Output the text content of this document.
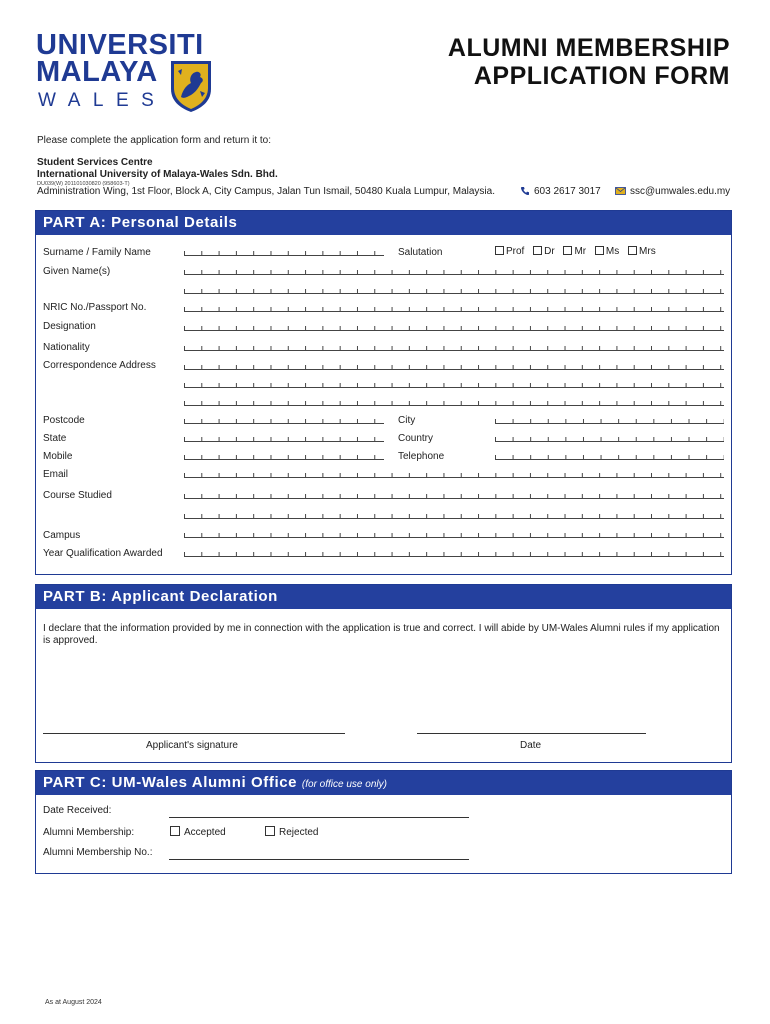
UNIVERSITI
MALAYA
WALES
ALUMNI MEMBERSHIP
APPLICATION FORM
Please complete the application form and return it to:
Student Services Centre
International University of Malaya-Wales Sdn. Bhd.
DU039(W) 201101030820 (958603-T)
Administration Wing, 1st Floor, Block A, City Campus, Jalan Tun Ismail, 50480 Kuala Lumpur, Malaysia.	603 2617 3017	ssc@umwales.edu.my
PART A: Personal Details
Surname / Family Name	Salutation	Prof Dr Mr Ms Mrs
Given Name(s)
NRIC No./Passport No.
Designation
Nationality
Correspondence Address
Postcode	City
State	Country
Mobile	Telephone
Email
Course Studied
Campus
Year Qualification Awarded
PART B: Applicant Declaration
I declare that the information provided by me in connection with the application is true and correct. I will abide by UM-Wales Alumni rules if my application is approved.
Applicant's signature	Date
PART C: UM-Wales Alumni Office (for office use only)
Date Received:
Alumni Membership:	Accepted	Rejected
Alumni Membership No.:
As at August 2024
